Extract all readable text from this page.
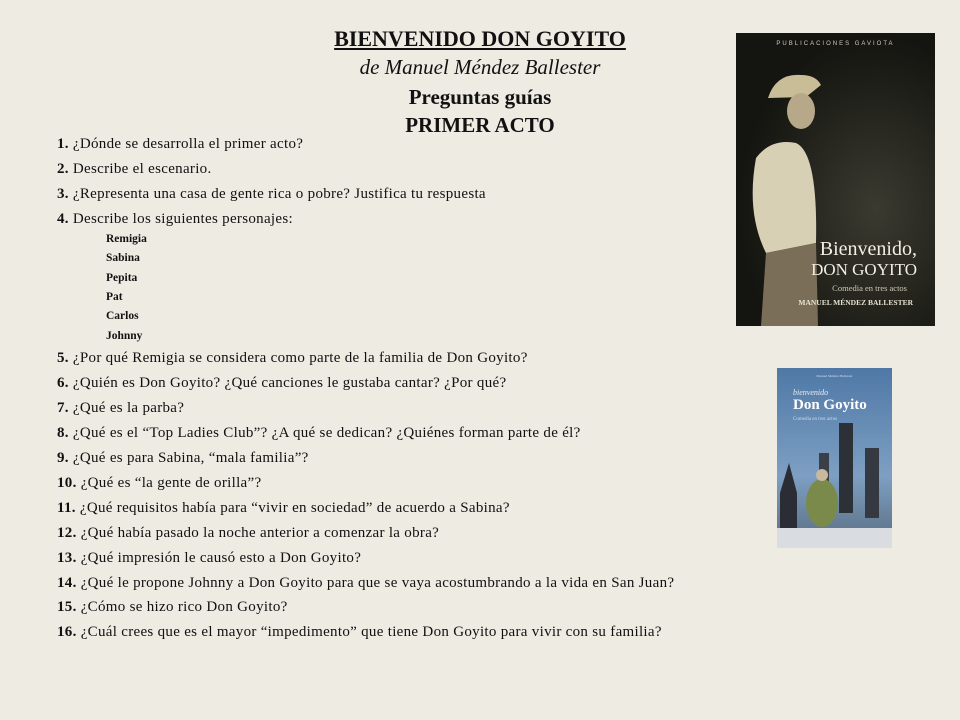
BIENVENIDO DON GOYITO
de Manuel Méndez Ballester
Preguntas guías
PRIMER ACTO
1. ¿Dónde se desarrolla el primer acto?
2. Describe el escenario.
3. ¿Representa una casa de gente rica o pobre? Justifica tu respuesta
4. Describe los siguientes personajes:
5. ¿Por qué Remigia se considera como parte de la familia de Don Goyito?
6. ¿Quién es Don Goyito? ¿Qué canciones le gustaba cantar? ¿Por qué?
7. ¿Qué es la parba?
8. ¿Qué es el “Top Ladies Club”? ¿A qué se dedican? ¿Quiénes forman parte de él?
9. ¿Qué es para Sabina, “mala familia”?
10. ¿Qué es “la gente de orilla”?
11. ¿Qué requisitos había para “vivir en sociedad” de acuerdo a Sabina?
12. ¿Qué había pasado la noche anterior a comenzar la obra?
13. ¿Qué impresión le causó esto a Don Goyito?
14. ¿Qué le propone Johnny a Don Goyito para que se vaya acostumbrando a la vida en San Juan?
15. ¿Cómo se hizo rico Don Goyito?
16. ¿Cuál crees que es el mayor “impedimento” que tiene Don Goyito para vivir con su familia?
Remigia
Sabina
Pepita
Pat
Carlos
Johnny
PUBLICACIONES GAVIOTA
Bienvenido,
DON GOYITO
Comedia en tres actos
MANUEL MÉNDEZ BALLESTER
Manuel Méndez Ballester
bienvenido
Don Goyito
Comedia en tres actos
